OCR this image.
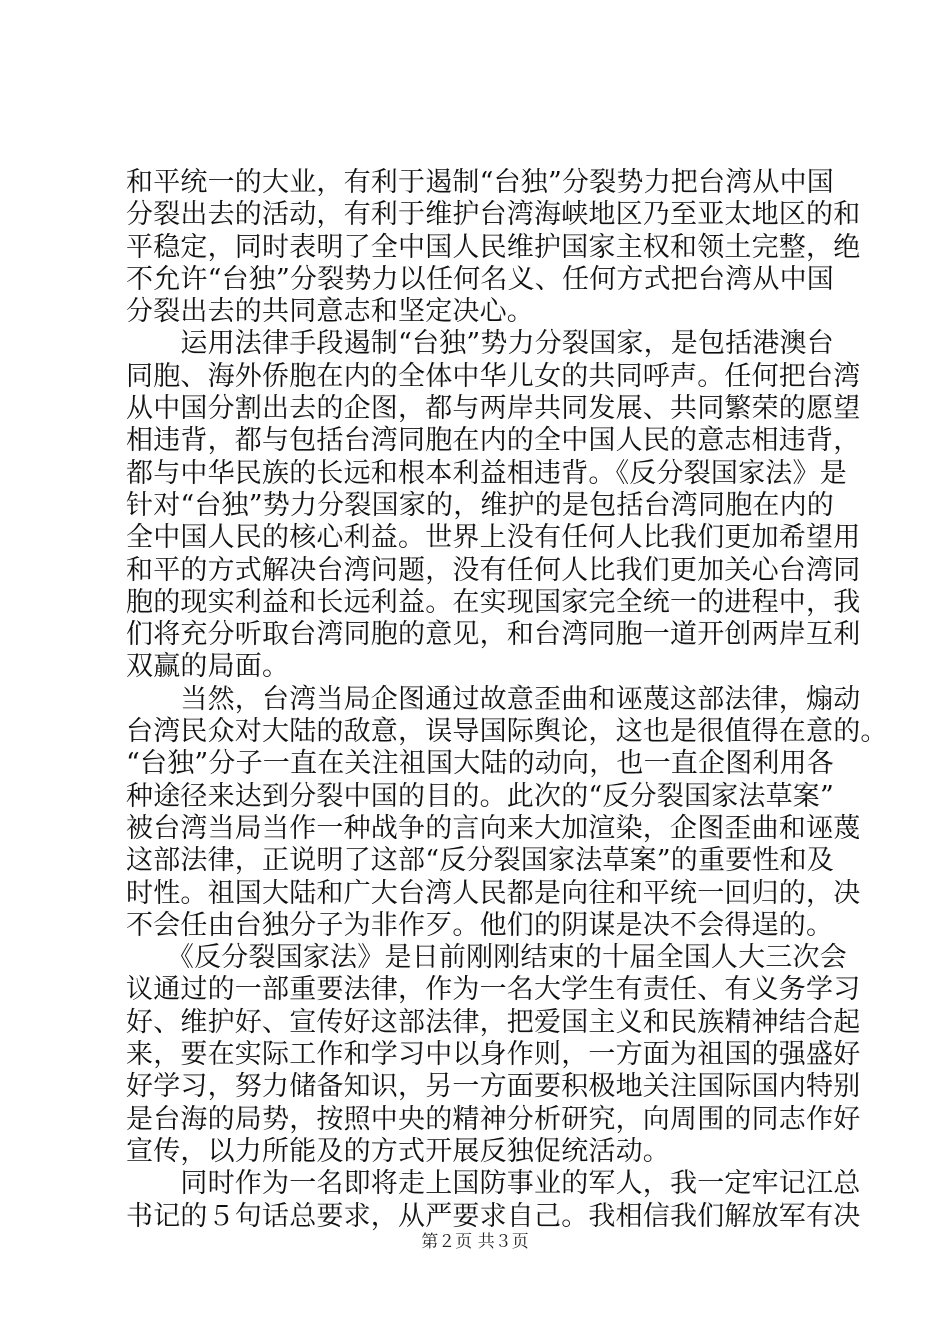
和平统一的大业，有利于遏制“台独”分裂势力把台湾从中国
分裂出去的活动，有利于维护台湾海峡地区乃至亚太地区的和
平稳定，同时表明了全中国人民维护国家主权和领土完整，绝
不允许“台独”分裂势力以任何名义、任何方式把台湾从中国
分裂出去的共同意志和坚定决心。
　　运用法律手段遏制“台独”势力分裂国家，是包括港澳台
同胞、海外侨胞在内的全体中华儿女的共同呼声。任何把台湾
从中国分割出去的企图，都与两岸共同发展、共同繁荣的愿望
相违背，都与包括台湾同胞在内的全中国人民的意志相违背，
都与中华民族的长远和根本利益相违背。《反分裂国家法》是
针对“台独”势力分裂国家的，维护的是包括台湾同胞在内的
全中国人民的核心利益。世界上没有任何人比我们更加希望用
和平的方式解决台湾问题，没有任何人比我们更加关心台湾同
胞的现实利益和长远利益。在实现国家完全统一的进程中，我
们将充分听取台湾同胞的意见，和台湾同胞一道开创两岸互利
双赢的局面。
　　当然，台湾当局企图通过故意歪曲和诬蔑这部法律，煽动
台湾民众对大陆的敌意，误导国际舆论，这也是很值得在意的。
“台独”分子一直在关注祖国大陆的动向，也一直企图利用各
种途径来达到分裂中国的目的。此次的“反分裂国家法草案”
被台湾当局当作一种战争的言向来大加渲染，企图歪曲和诬蔑
这部法律，正说明了这部“反分裂国家法草案”的重要性和及
时性。祖国大陆和广大台湾人民都是向往和平统一回归的，决
不会任由台独分子为非作歹。他们的阴谋是决不会得逞的。
　　《反分裂国家法》是日前刚刚结束的十届全国人大三次会
议通过的一部重要法律，作为一名大学生有责任、有义务学习
好、维护好、宣传好这部法律，把爱国主义和民族精神结合起
来，要在实际工作和学习中以身作则，一方面为祖国的强盛好
好学习，努力储备知识，另一方面要积极地关注国际国内特别
是台海的局势，按照中央的精神分析研究，向周围的同志作好
宣传，以力所能及的方式开展反独促统活动。
　　同时作为一名即将走上国防事业的军人，我一定牢记江总
书记的５句话总要求，从严要求自己。我相信我们解放军有决
第２页 共３页
